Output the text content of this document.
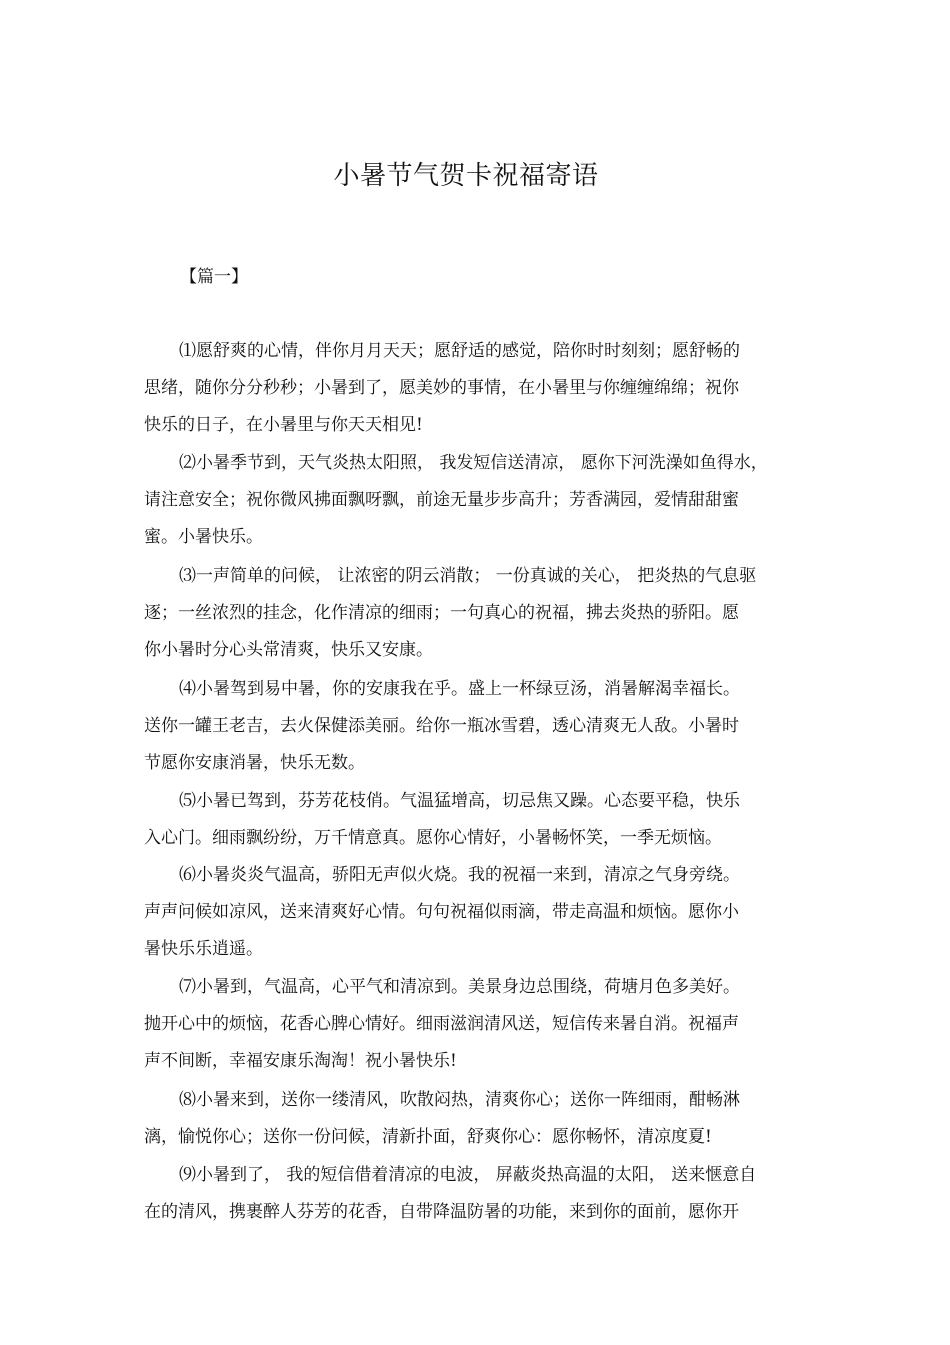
小暑节气贺卡祝福寄语
【篇一】
⑴愿舒爽的心情，伴你月月天天；愿舒适的感觉，陪你时时刻刻；愿舒畅的
思绪，随你分分秒秒；小暑到了，愿美妙的事情，在小暑里与你缠缠绵绵；祝你
快乐的日子，在小暑里与你天天相见!
⑵小暑季节到，天气炎热太阳照， 我发短信送清凉， 愿你下河洗澡如鱼得水，
请注意安全；祝你微风拂面飘呀飘，前途无量步步高升；芳香满园，爱情甜甜蜜
蜜。小暑快乐。
⑶一声简单的问候， 让浓密的阴云消散； 一份真诚的关心， 把炎热的气息驱
逐；一丝浓烈的挂念，化作清凉的细雨；一句真心的祝福，拂去炎热的骄阳。愿
你小暑时分心头常清爽，快乐又安康。
⑷小暑驾到易中暑，你的安康我在乎。盛上一杯绿豆汤，消暑解渴幸福长。
送你一罐王老吉，去火保健添美丽。给你一瓶冰雪碧，透心清爽无人敌。小暑时
节愿你安康消暑，快乐无数。
⑸小暑已驾到，芬芳花枝俏。气温猛增高，切忌焦又躁。心态要平稳，快乐
入心门。细雨飘纷纷，万千情意真。愿你心情好，小暑畅怀笑，一季无烦恼。
⑹小暑炎炎气温高，骄阳无声似火烧。我的祝福一来到，清凉之气身旁绕。
声声问候如凉风，送来清爽好心情。句句祝福似雨滴，带走高温和烦恼。愿你小
暑快乐乐逍遥。
⑺小暑到，气温高，心平气和清凉到。美景身边总围绕，荷塘月色多美好。
抛开心中的烦恼，花香心脾心情好。细雨滋润清风送，短信传来暑自消。祝福声
声不间断，幸福安康乐淘淘！祝小暑快乐!
⑻小暑来到，送你一缕清风，吹散闷热，清爽你心；送你一阵细雨，酣畅淋
漓，愉悦你心；送你一份问候，清新扑面，舒爽你心：愿你畅怀，清凉度夏!
⑼小暑到了， 我的短信借着清凉的电波， 屏蔽炎热高温的太阳， 送来惬意自
在的清风，携裹醉人芬芳的花香，自带降温防暑的功能，来到你的面前，愿你开
